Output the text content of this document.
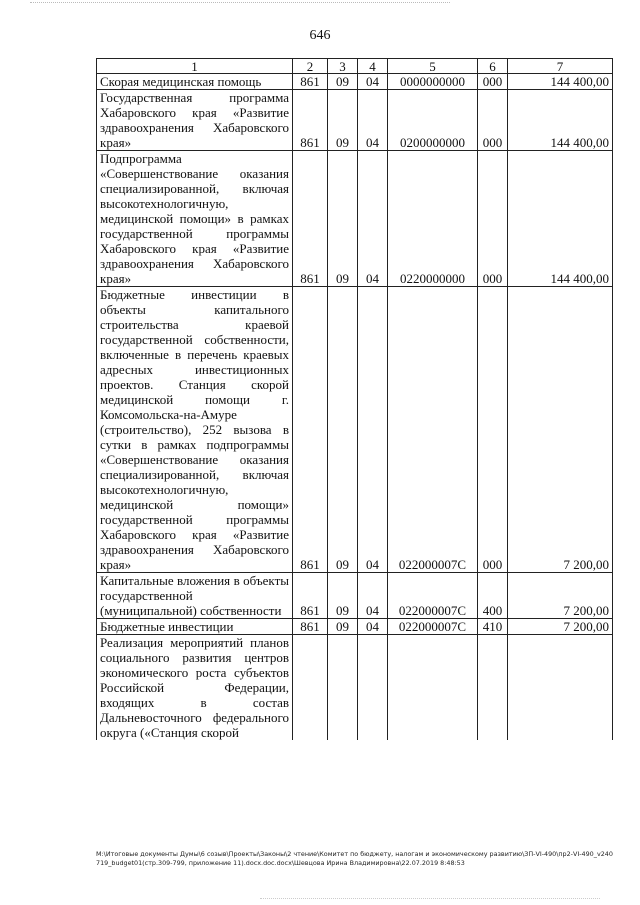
646
1	2	3	4	5	6	7
Скорая медицинская помощь	861	09	04	0000000000	000	144 400,00
Государственная программа Хабаровского края «Развитие здравоохранения Хабаровского края»	861	09	04	0200000000	000	144 400,00
Подпрограмма «Совершенствование оказания специализированной, включая высокотехнологичную, медицинской помощи» в рамках государственной программы Хабаровского края «Развитие здравоохранения Хабаровского края»	861	09	04	0220000000	000	144 400,00
Бюджетные инвестиции в объекты капитального строительства краевой государственной собственности, включенные в перечень краевых адресных инвестиционных проектов. Станция скорой медицинской помощи г. Комсомольска-на-Амуре (строительство), 252 вызова в сутки в рамках подпрограммы «Совершенствование оказания специализированной, включая высокотехнологичную, медицинской помощи» государственной программы Хабаровского края «Развитие здравоохранения Хабаровского края»	861	09	04	022000007С	000	7 200,00
Капитальные вложения в объекты государственной (муниципальной) собственности	861	09	04	022000007С	400	7 200,00
Бюджетные инвестиции	861	09	04	022000007С	410	7 200,00
Реализация мероприятий планов социального развития центров экономического роста субъектов Российской Федерации, входящих в состав Дальневосточного федерального округа («Станция скорой						
M:\Итоговые документы Думы\6 созыв\Проекты\Законы\2 чтение\Комитет по бюджету, налогам и экономическому развитию\ЗП-VI-490\пр2-VI-490_v240719_budget01(стр.309-799, приложение 11).docx.doc.docx\Шевцова Ирина Владимировна\22.07.2019 8:48:53
